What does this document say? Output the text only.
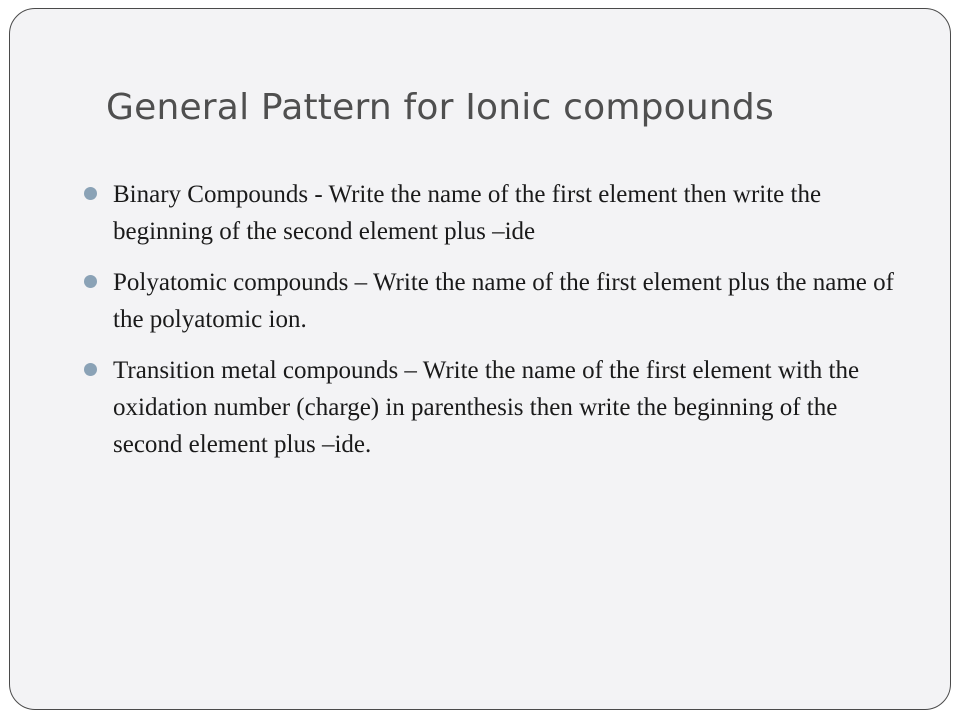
General Pattern for Ionic compounds
Binary Compounds - Write the name of the first element then write the beginning of the second element plus –ide
Polyatomic compounds – Write the name of the first element plus the name of the polyatomic ion.
Transition metal compounds – Write the name of the first element with the oxidation number (charge) in parenthesis then write the beginning of the second element plus –ide.
